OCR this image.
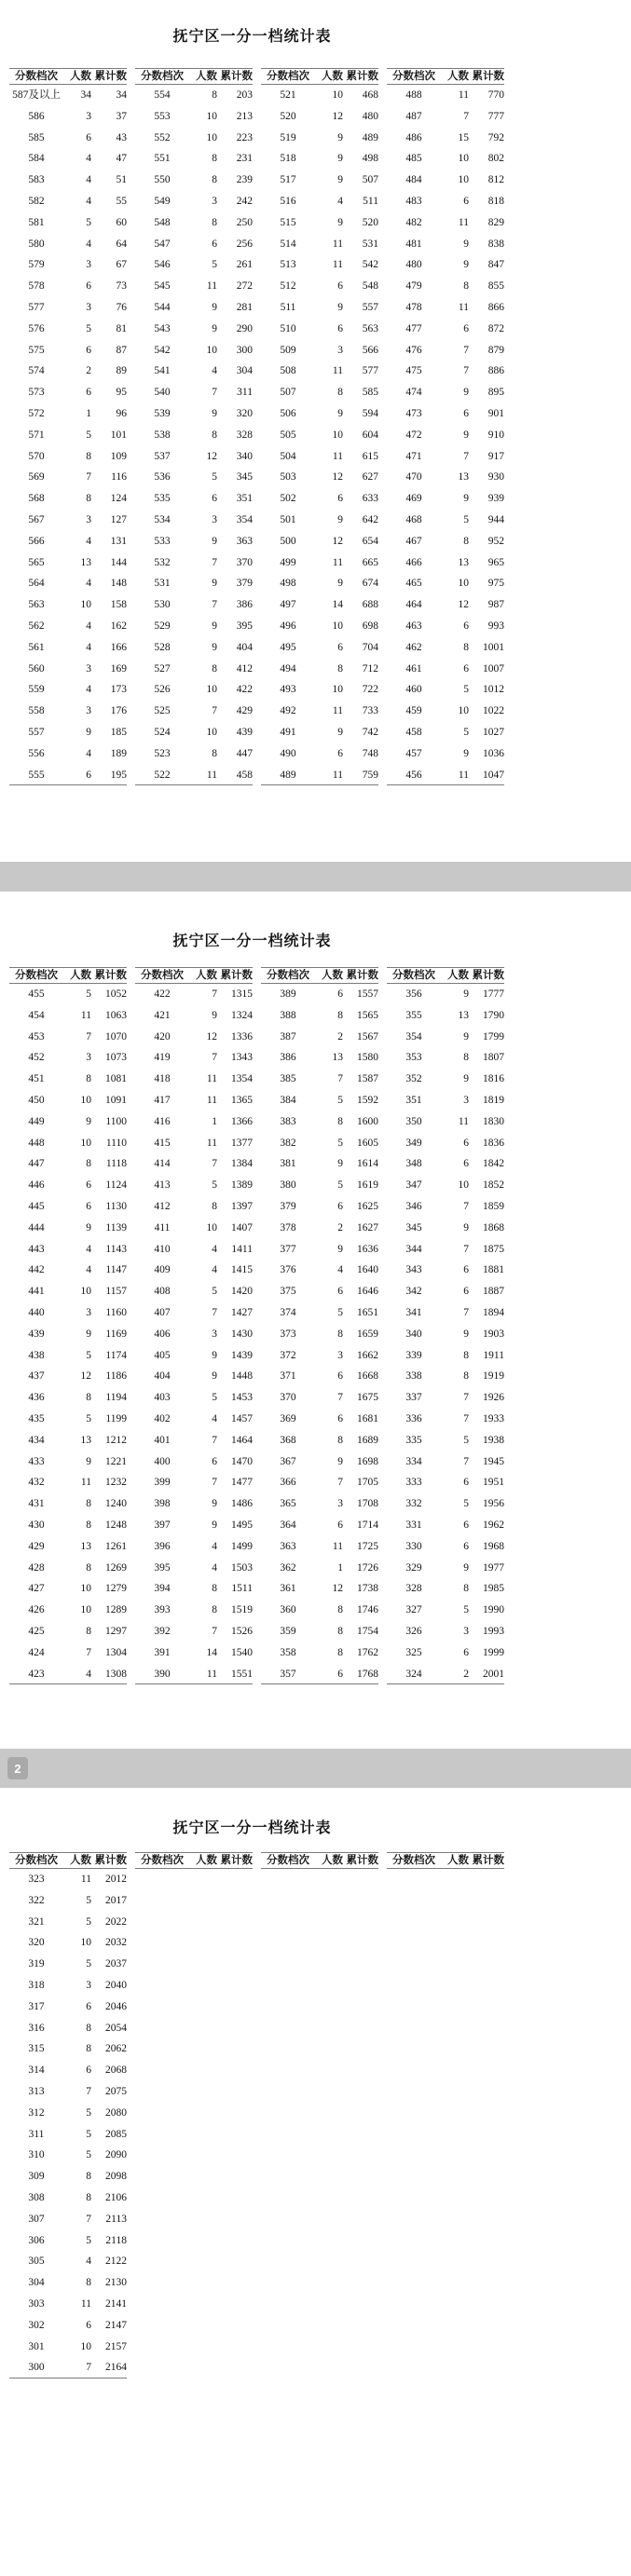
抚宁区一分一档统计表
分数档次	人数 累计数
587及以上	34	34
586	3	37
585	6	43
584	4	47
583	4	51
582	4	55
581	5	60
580	4	64
579	3	67
578	6	73
577	3	76
576	5	81
575	6	87
574	2	89
573	6	95
572	1	96
571	5	101
570	8	109
569	7	116
568	8	124
567	3	127
566	4	131
565	13	144
564	4	148
563	10	158
562	4	162
561	4	166
560	3	169
559	4	173
558	3	176
557	9	185
556	4	189
555	6	195
分数档次	人数 累计数
554	8	203
553	10	213
552	10	223
551	8	231
550	8	239
549	3	242
548	8	250
547	6	256
546	5	261
545	11	272
544	9	281
543	9	290
542	10	300
541	4	304
540	7	311
539	9	320
538	8	328
537	12	340
536	5	345
535	6	351
534	3	354
533	9	363
532	7	370
531	9	379
530	7	386
529	9	395
528	9	404
527	8	412
526	10	422
525	7	429
524	10	439
523	8	447
522	11	458
分数档次	人数 累计数
521	10	468
520	12	480
519	9	489
518	9	498
517	9	507
516	4	511
515	9	520
514	11	531
513	11	542
512	6	548
511	9	557
510	6	563
509	3	566
508	11	577
507	8	585
506	9	594
505	10	604
504	11	615
503	12	627
502	6	633
501	9	642
500	12	654
499	11	665
498	9	674
497	14	688
496	10	698
495	6	704
494	8	712
493	10	722
492	11	733
491	9	742
490	6	748
489	11	759
分数档次	人数 累计数
488	11	770
487	7	777
486	15	792
485	10	802
484	10	812
483	6	818
482	11	829
481	9	838
480	9	847
479	8	855
478	11	866
477	6	872
476	7	879
475	7	886
474	9	895
473	6	901
472	9	910
471	7	917
470	13	930
469	9	939
468	5	944
467	8	952
466	13	965
465	10	975
464	12	987
463	6	993
462	8	1001
461	6	1007
460	5	1012
459	10	1022
458	5	1027
457	9	1036
456	11	1047
抚宁区一分一档统计表
分数档次	人数 累计数
455	5	1052
454	11	1063
453	7	1070
452	3	1073
451	8	1081
450	10	1091
449	9	1100
448	10	1110
447	8	1118
446	6	1124
445	6	1130
444	9	1139
443	4	1143
442	4	1147
441	10	1157
440	3	1160
439	9	1169
438	5	1174
437	12	1186
436	8	1194
435	5	1199
434	13	1212
433	9	1221
432	11	1232
431	8	1240
430	8	1248
429	13	1261
428	8	1269
427	10	1279
426	10	1289
425	8	1297
424	7	1304
423	4	1308
分数档次	人数 累计数
422	7	1315
421	9	1324
420	12	1336
419	7	1343
418	11	1354
417	11	1365
416	1	1366
415	11	1377
414	7	1384
413	5	1389
412	8	1397
411	10	1407
410	4	1411
409	4	1415
408	5	1420
407	7	1427
406	3	1430
405	9	1439
404	9	1448
403	5	1453
402	4	1457
401	7	1464
400	6	1470
399	7	1477
398	9	1486
397	9	1495
396	4	1499
395	4	1503
394	8	1511
393	8	1519
392	7	1526
391	14	1540
390	11	1551
分数档次	人数 累计数
389	6	1557
388	8	1565
387	2	1567
386	13	1580
385	7	1587
384	5	1592
383	8	1600
382	5	1605
381	9	1614
380	5	1619
379	6	1625
378	2	1627
377	9	1636
376	4	1640
375	6	1646
374	5	1651
373	8	1659
372	3	1662
371	6	1668
370	7	1675
369	6	1681
368	8	1689
367	9	1698
366	7	1705
365	3	1708
364	6	1714
363	11	1725
362	1	1726
361	12	1738
360	8	1746
359	8	1754
358	8	1762
357	6	1768
分数档次	人数 累计数
356	9	1777
355	13	1790
354	9	1799
353	8	1807
352	9	1816
351	3	1819
350	11	1830
349	6	1836
348	6	1842
347	10	1852
346	7	1859
345	9	1868
344	7	1875
343	6	1881
342	6	1887
341	7	1894
340	9	1903
339	8	1911
338	8	1919
337	7	1926
336	7	1933
335	5	1938
334	7	1945
333	6	1951
332	5	1956
331	6	1962
330	6	1968
329	9	1977
328	8	1985
327	5	1990
326	3	1993
325	6	1999
324	2	2001
2
抚宁区一分一档统计表
分数档次	人数 累计数
323	11	2012
322	5	2017
321	5	2022
320	10	2032
319	5	2037
318	3	2040
317	6	2046
316	8	2054
315	8	2062
314	6	2068
313	7	2075
312	5	2080
311	5	2085
310	5	2090
309	8	2098
308	8	2106
307	7	2113
306	5	2118
305	4	2122
304	8	2130
303	11	2141
302	6	2147
301	10	2157
300	7	2164
分数档次	人数 累计数	分数档次	人数 累计数	分数档次	人数 累计数
